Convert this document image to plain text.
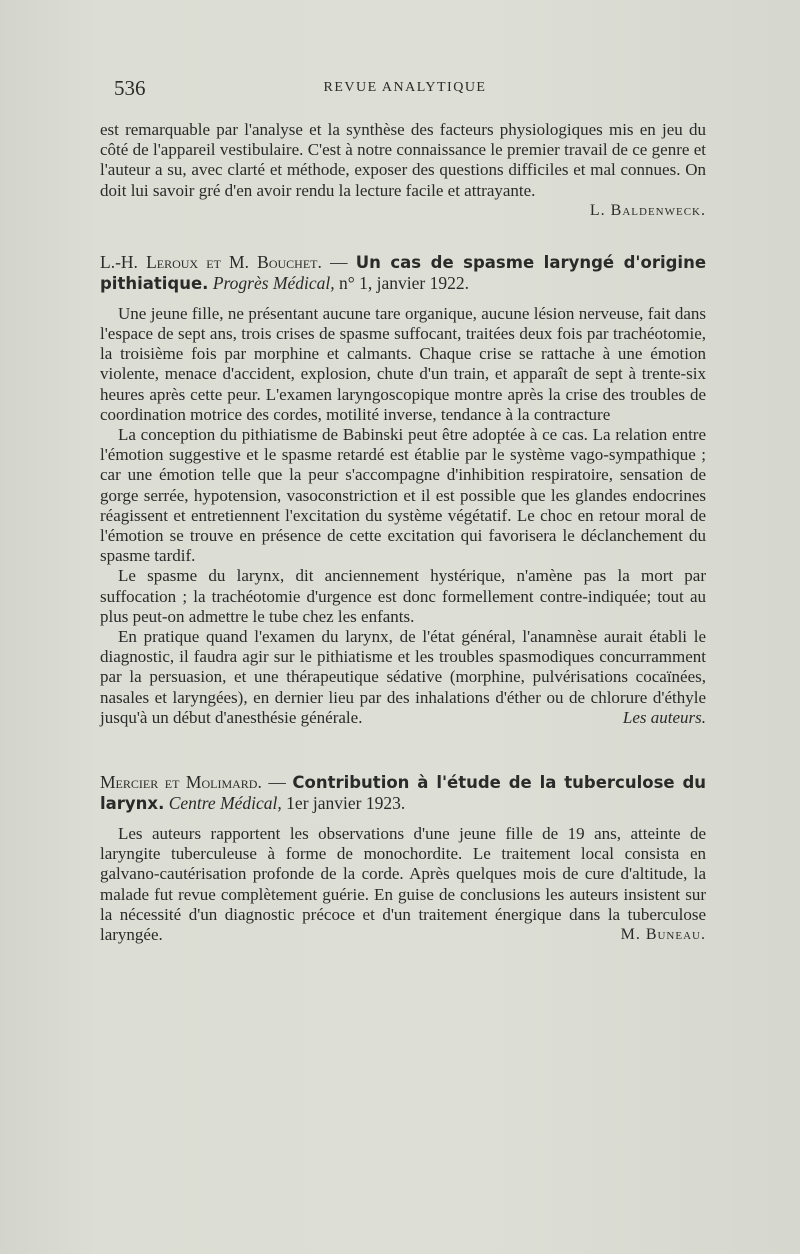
536	REVUE ANALYTIQUE

est remarquable par l'analyse et la synthèse des facteurs physiologiques mis en jeu du côté de l'appareil vestibulaire. C'est à notre connaissance le premier travail de ce genre et l'auteur a su, avec clarté et méthode, exposer des questions difficiles et mal connues. On doit lui savoir gré d'en avoir rendu la lecture facile et attrayante.

L. Baldenweck.
L.-H. Leroux et M. Bouchet. — Un cas de spasme laryngé d'origine pithiatique. Progrès Médical, n° 1, janvier 1922.

Une jeune fille, ne présentant aucune tare organique, aucune lésion nerveuse, fait dans l'espace de sept ans, trois crises de spasme suffocant, traitées deux fois par trachéotomie, la troisième fois par morphine et calmants. Chaque crise se rattache à une émotion violente, menace d'accident, explosion, chute d'un train, et apparaît de sept à trente-six heures après cette peur. L'examen laryngoscopique montre après la crise des troubles de coordination motrice des cordes, motilité inverse, tendance à la contracture

La conception du pithiatisme de Babinski peut être adoptée à ce cas. La relation entre l'émotion suggestive et le spasme retardé est établie par le système vago-sympathique ; car une émotion telle que la peur s'accompagne d'inhibition respiratoire, sensation de gorge serrée, hypotension, vasoconstriction et il est possible que les glandes endocrines réagissent et entretiennent l'excitation du système végétatif. Le choc en retour moral de l'émotion se trouve en présence de cette excitation qui favorisera le déclanchement du spasme tardif.

Le spasme du larynx, dit anciennement hystérique, n'amène pas la mort par suffocation ; la trachéotomie d'urgence est donc formellement contre-indiquée; tout au plus peut-on admettre le tube chez les enfants.

En pratique quand l'examen du larynx, de l'état général, l'anamnèse aurait établi le diagnostic, il faudra agir sur le pithiatisme et les troubles spasmodiques concurramment par la persuasion, et une thérapeutique sédative (morphine, pulvérisations cocaïnées, nasales et laryngées), en dernier lieu par des inhalations d'éther ou de chlorure d'éthyle jusqu'à un début d'anesthésie générale.	Les auteurs.

Mercier et Molimard. — Contribution à l'étude de la tuberculose du larynx. Centre Médical, 1er janvier 1923.

Les auteurs rapportent les observations d'une jeune fille de 19 ans, atteinte de laryngite tuberculeuse à forme de monochordite. Le traitement local consista en galvano-cautérisation profonde de la corde. Après quelques mois de cure d'altitude, la malade fut revue complètement guérie. En guise de conclusions les auteurs insistent sur la nécessité d'un diagnostic précoce et d'un traitement énergique dans la tuberculose laryngée.	M. Buneau.
